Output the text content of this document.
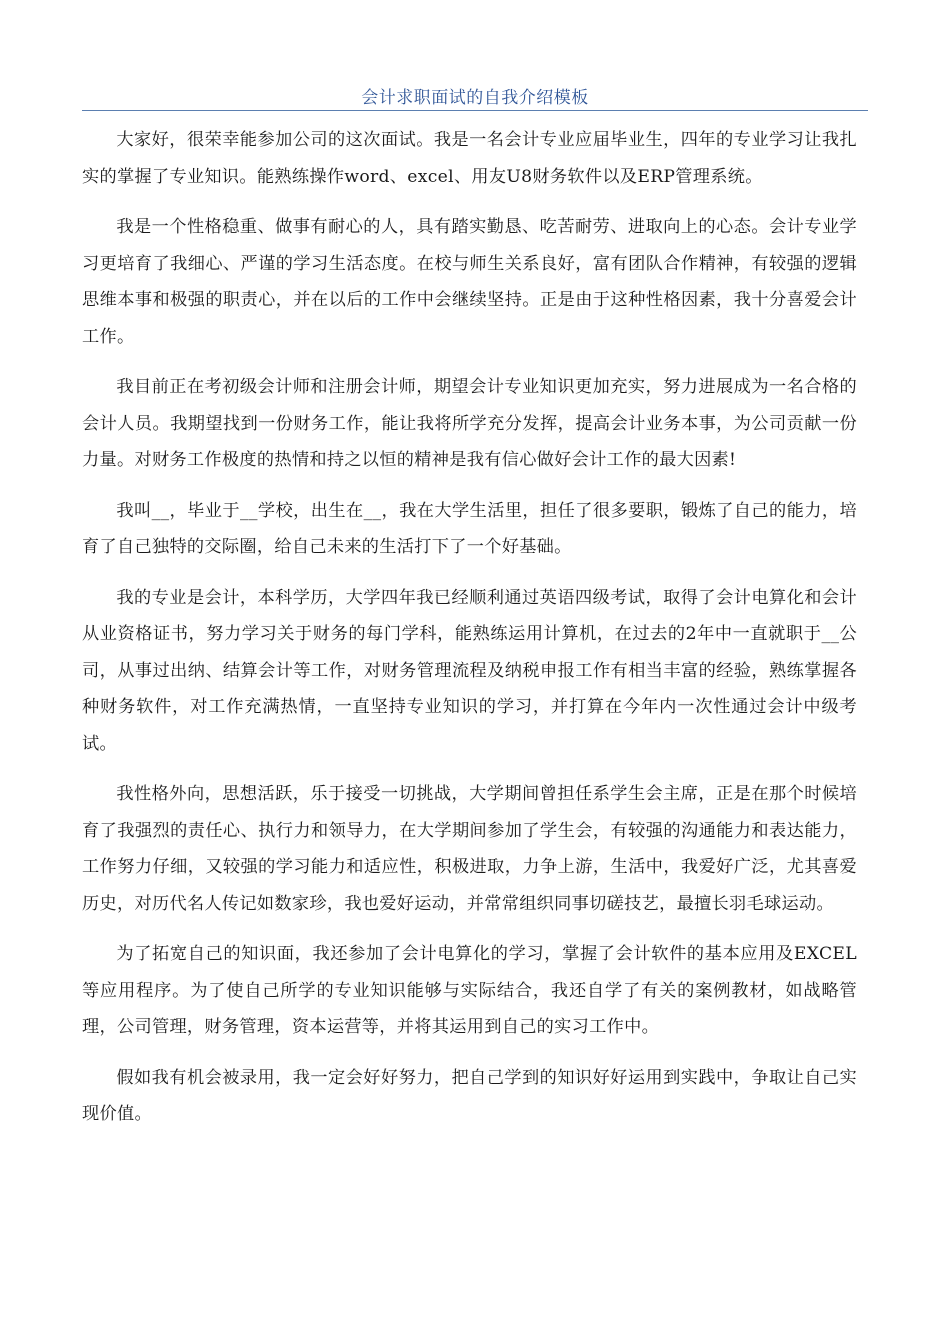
会计求职面试的自我介绍模板

大家好，很荣幸能参加公司的这次面试。我是一名会计专业应届毕业生，四年的专业学习让我扎实的掌握了专业知识。能熟练操作word、excel、用友U8财务软件以及ERP管理系统。

我是一个性格稳重、做事有耐心的人，具有踏实勤恳、吃苦耐劳、进取向上的心态。会计专业学习更培育了我细心、严谨的学习生活态度。在校与师生关系良好，富有团队合作精神，有较强的逻辑思维本事和极强的职责心，并在以后的工作中会继续坚持。正是由于这种性格因素，我十分喜爱会计工作。

我目前正在考初级会计师和注册会计师，期望会计专业知识更加充实，努力进展成为一名合格的会计人员。我期望找到一份财务工作，能让我将所学充分发挥，提高会计业务本事，为公司贡献一份力量。对财务工作极度的热情和持之以恒的精神是我有信心做好会计工作的最大因素!

我叫__，毕业于__学校，出生在__，我在大学生活里，担任了很多要职，锻炼了自己的能力，培育了自己独特的交际圈，给自己未来的生活打下了一个好基础。

我的专业是会计，本科学历，大学四年我已经顺利通过英语四级考试，取得了会计电算化和会计从业资格证书，努力学习关于财务的每门学科，能熟练运用计算机，在过去的2年中一直就职于__公司，从事过出纳、结算会计等工作，对财务管理流程及纳税申报工作有相当丰富的经验，熟练掌握各种财务软件，对工作充满热情，一直坚持专业知识的学习，并打算在今年内一次性通过会计中级考试。

我性格外向，思想活跃，乐于接受一切挑战，大学期间曾担任系学生会主席，正是在那个时候培育了我强烈的责任心、执行力和领导力，在大学期间参加了学生会，有较强的沟通能力和表达能力，工作努力仔细，又较强的学习能力和适应性，积极进取，力争上游，生活中，我爱好广泛，尤其喜爱历史，对历代名人传记如数家珍，我也爱好运动，并常常组织同事切磋技艺，最擅长羽毛球运动。

为了拓宽自己的知识面，我还参加了会计电算化的学习，掌握了会计软件的基本应用及EXCEL等应用程序。为了使自己所学的专业知识能够与实际结合，我还自学了有关的案例教材，如战略管理，公司管理，财务管理，资本运营等，并将其运用到自己的实习工作中。

假如我有机会被录用，我一定会好好努力，把自己学到的知识好好运用到实践中，争取让自己实现价值。
